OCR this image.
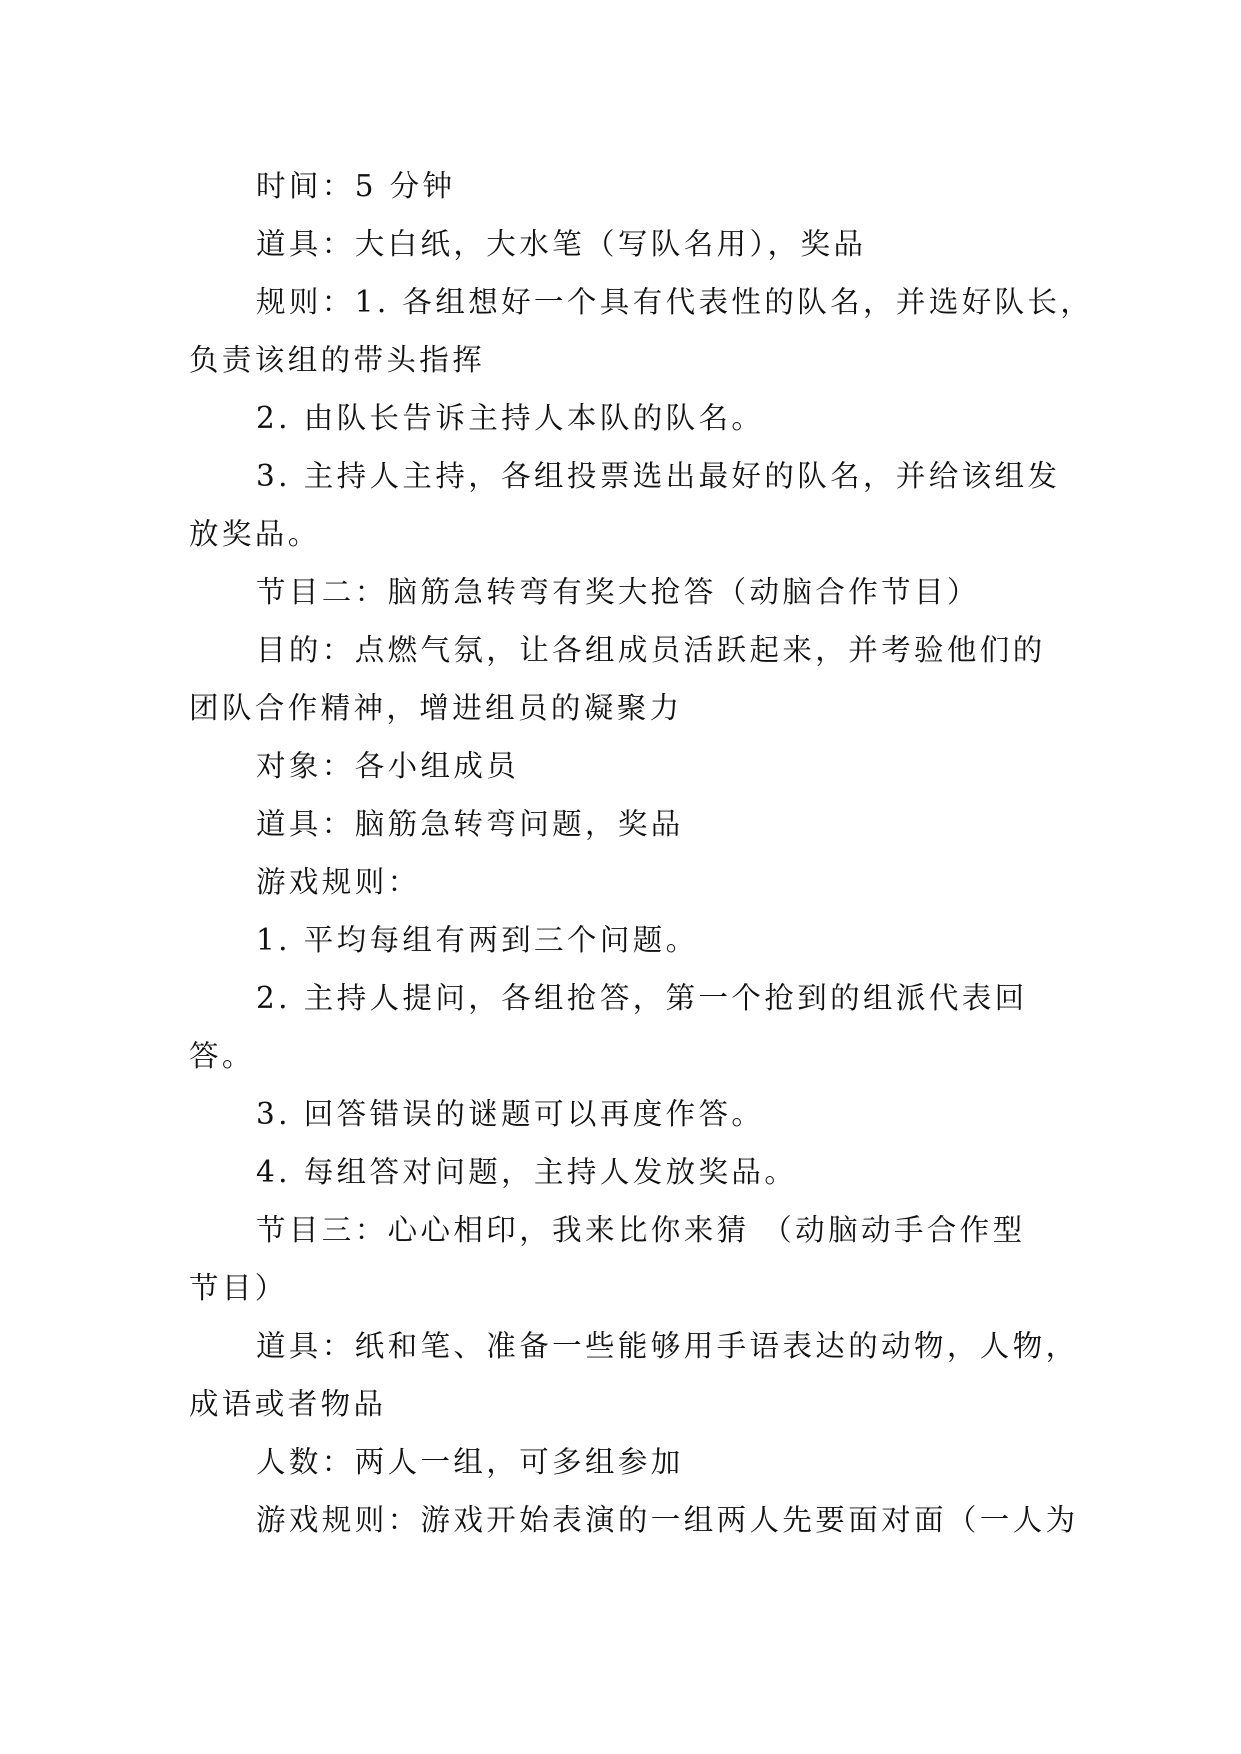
时间：5 分钟

道具：大白纸，大水笔（写队名用），奖品

规则：1. 各组想好一个具有代表性的队名，并选好队长，

负责该组的带头指挥

2. 由队长告诉主持人本队的队名。

3. 主持人主持，各组投票选出最好的队名，并给该组发

放奖品。

节目二：脑筋急转弯有奖大抢答（动脑合作节目）

目的：点燃气氛，让各组成员活跃起来，并考验他们的

团队合作精神，增进组员的凝聚力

对象：各小组成员

道具：脑筋急转弯问题，奖品

游戏规则：

1. 平均每组有两到三个问题。

2. 主持人提问，各组抢答，第一个抢到的组派代表回

答。

3. 回答错误的谜题可以再度作答。

4. 每组答对问题，主持人发放奖品。

节目三：心心相印，我来比你来猜 （动脑动手合作型

节目）

道具：纸和笔、准备一些能够用手语表达的动物，人物，

成语或者物品

人数：两人一组，可多组参加

游戏规则：游戏开始表演的一组两人先要面对面（一人为
